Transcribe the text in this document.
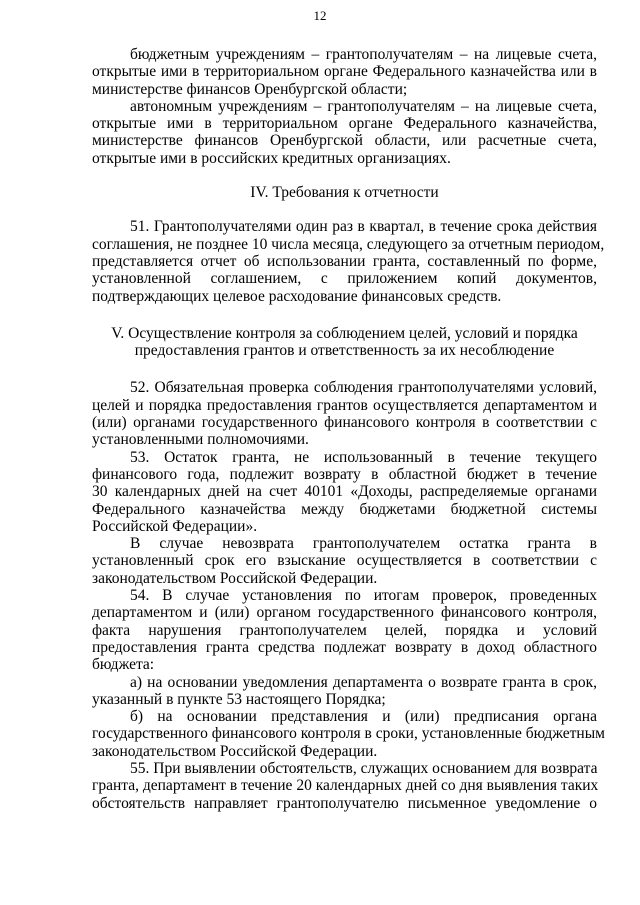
12
бюджетным учреждениям – грантополучателям – на лицевые счета,
открытые ими в территориальном органе Федерального казначейства или в
министерстве финансов Оренбургской области;
автономным учреждениям – грантополучателям – на лицевые счета,
открытые ими в территориальном органе Федерального казначейства,
министерстве финансов Оренбургской области, или расчетные счета,
открытые ими в российских кредитных организациях.
IV. Требования к отчетности
51. Грантополучателями один раз в квартал, в течение срока действия
соглашения, не позднее 10 числа месяца, следующего за отчетным периодом,
представляется отчет об использовании гранта, составленный по форме,
установленной соглашением, с приложением копий документов,
подтверждающих целевое расходование финансовых средств.
V. Осуществление контроля за соблюдением целей, условий и порядка
предоставления грантов и ответственность за их несоблюдение
52. Обязательная проверка соблюдения грантополучателями условий,
целей и порядка предоставления грантов осуществляется департаментом и
(или) органами государственного финансового контроля в соответствии с
установленными полномочиями.
53. Остаток гранта, не использованный в течение текущего
финансового года, подлежит возврату в областной бюджет в течение
30 календарных дней на счет 40101 «Доходы, распределяемые органами
Федерального казначейства между бюджетами бюджетной системы
Российской Федерации».
В случае невозврата грантополучателем остатка гранта в
установленный срок его взыскание осуществляется в соответствии с
законодательством Российской Федерации.
54. В случае установления по итогам проверок, проведенных
департаментом и (или) органом государственного финансового контроля,
факта нарушения грантополучателем целей, порядка и условий
предоставления гранта средства подлежат возврату в доход областного
бюджета:
а) на основании уведомления департамента о возврате гранта в срок,
указанный в пункте 53 настоящего Порядка;
б) на основании представления и (или) предписания органа
государственного финансового контроля в сроки, установленные бюджетным
законодательством Российской Федерации.
55. При выявлении обстоятельств, служащих основанием для возврата
гранта, департамент в течение 20 календарных дней со дня выявления таких
обстоятельств направляет грантополучателю письменное уведомление о
